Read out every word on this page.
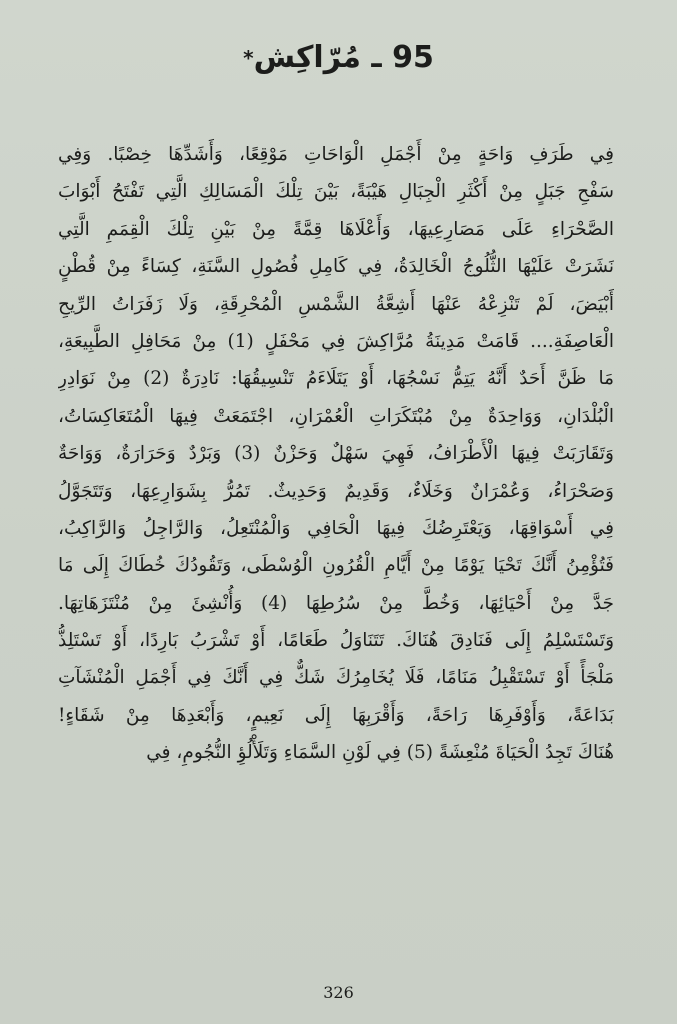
95 ـ مُرّاكِش*
فِي طَرَفِ وَاحَةٍ مِنْ أَجْمَلِ الْوَاحَاتِ مَوْقِعًا، وَأَشَدِّهَا خِصْبًا. وَفِي
سَفْحِ جَبَلٍ مِنْ أَكْثَرِ الْجِبَالِ هَيْبَةً، بَيْنَ تِلْكَ الْمَسَالِكِ الَّتِي تَفْتَحُ أَبْوَابَ
الصَّحْرَاءِ عَلَى مَصَارِعِيهَا، وَأَعْلَاهَا قِمَّةً مِنْ بَيْنِ تِلْكَ الْقِمَمِ الَّتِي
نَشَرَتْ عَلَيْهَا الثُّلُوجُ الْخَالِدَةُ، فِي كَامِلِ فُصُولِ السَّنَةِ، كِسَاءً مِنْ قُطْنٍ
أَبْيَضَ، لَمْ تَنْزِعْهُ عَنْهَا أَشِعَّةُ الشَّمْسِ الْمُحْرِقَةِ، وَلَا زَفَرَاتُ الرِّيحِ
الْعَاصِفَةِ.... قَامَتْ مَدِينَةُ مُرَّاكِشَ فِي مَحْفَلٍ (1) مِنْ مَحَافِلِ الطَّبِيعَةِ،
مَا ظَنَّ أَحَدٌ أَنَّهُ يَتِمُّ نَسْجُهَا، أَوْ يَتَلَاءَمُ تَنْسِيقُهَا: نَادِرَةٌ (2) مِنْ نَوَادِرِ
الْبُلْدَانِ، وَوَاحِدَةٌ مِنْ مُبْتَكَرَاتِ الْعُمْرَانِ، اجْتَمَعَتْ فِيهَا الْمُتَعَاكِسَاتُ،
وَتَقَارَبَتْ فِيهَا الْأَطْرَافُ، فَهِيَ سَهْلٌ وَحَزْنٌ (3) وَبَرْدٌ وَحَرَارَةٌ، وَوَاحَةٌ
وَصَحْرَاءُ، وَعُمْرَانٌ وَخَلَاءٌ، وَقَدِيمٌ وَحَدِيثٌ. تَمُرُّ بِشَوَارِعِهَا، وَتَتَجَوَّلُ
فِي أَسْوَاقِهَا، وَيَعْتَرِضُكَ فِيهَا الْحَافِي وَالْمُنْتَعِلُ، وَالرَّاجِلُ وَالرَّاكِبُ،
فَتُؤْمِنُ أَنَّكَ تَحْيَا يَوْمًا مِنْ أَيَّامِ الْقُرُونِ الْوُسْطَى، وَتَقُودُكَ خُطَاكَ إِلَى مَا
جَدَّ مِنْ أَحْيَائِهَا، وَخُطَّ مِنْ سُرُطِهَا (4) وَأُنْشِئَ مِنْ مُنْتَزَهَاتِهَا.
وَتَسْتَسْلِمُ إِلَى فَنَادِقَ هُنَاكَ. تَتَنَاوَلُ طَعَامًا، أَوْ تَشْرَبُ بَارِدًا، أَوْ تَسْتَلِذُّ
مَلْجَأً أَوْ تَسْتَقْبِلُ مَنَامًا، فَلَا يُخَامِرُكَ شَكٌّ فِي أَنَّكَ فِي أَجْمَلِ الْمُنْشَآتِ
بَدَاعَةً، وَأَوْفَرِهَا رَاحَةً، وَأَقْرَبِهَا إِلَى نَعِيمٍ، وَأَبْعَدِهَا مِنْ شَقَاءٍ!
هُنَاكَ تَجِدُ الْحَيَاةَ مُنْعِشَةً (5) فِي لَوْنِ السَّمَاءِ وَتَلَأْلُؤِ النُّجُومِ، فِي
326
